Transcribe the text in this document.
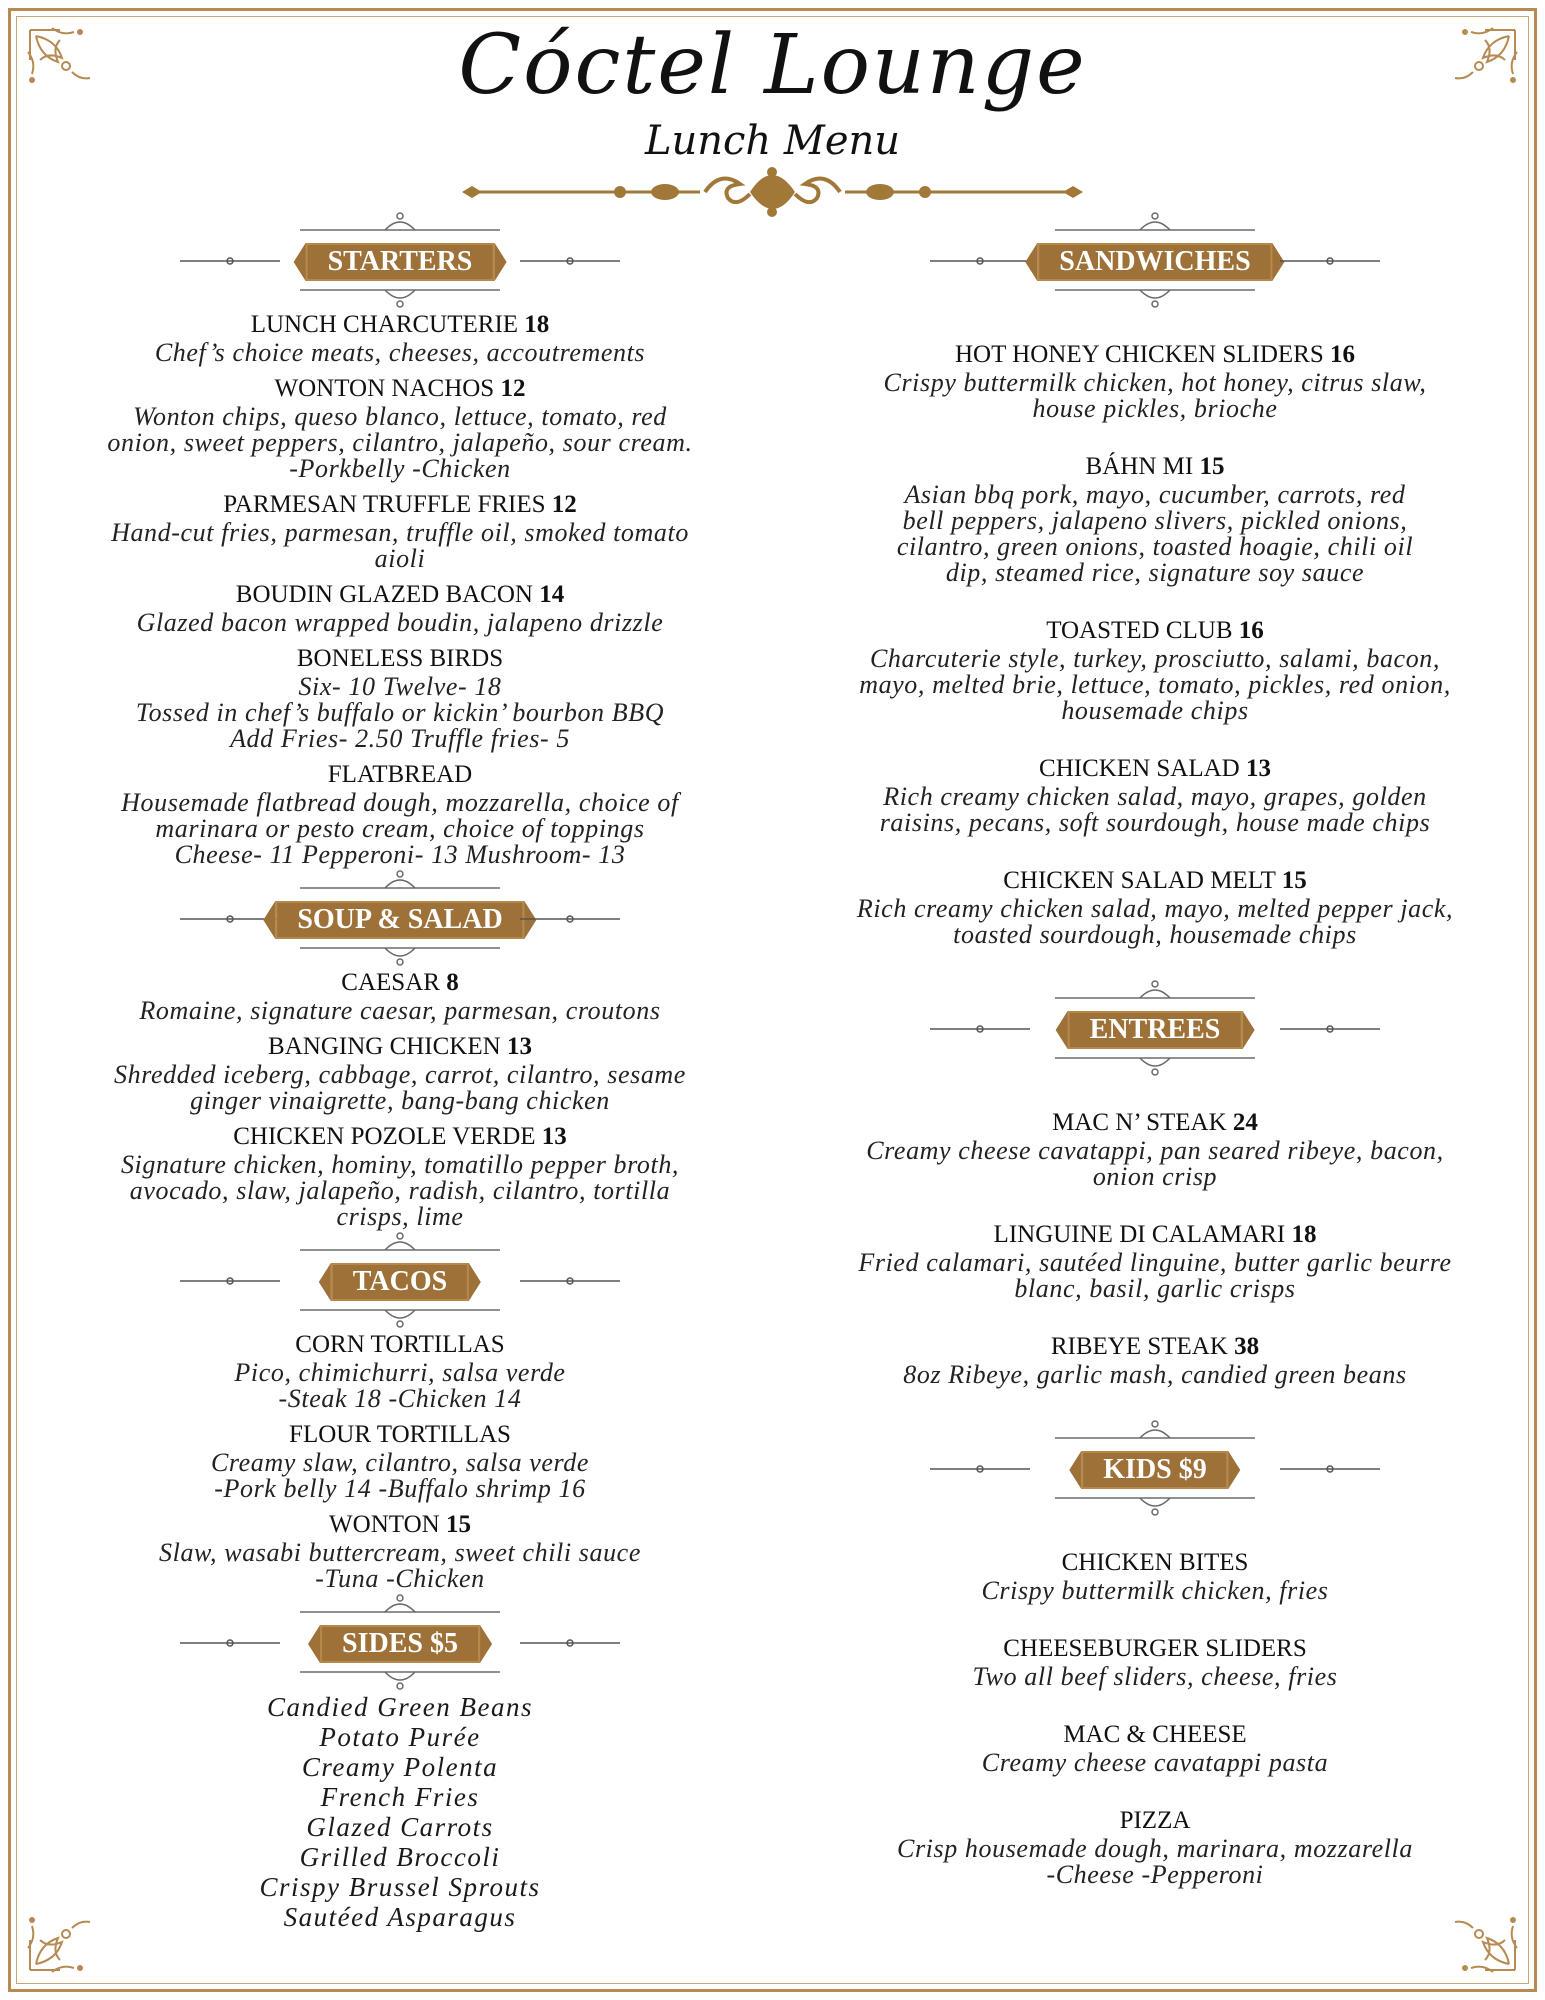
Cóctel Lounge
Lunch Menu
STARTERS
LUNCH CHARCUTERIE 18
Chef’s choice meats, cheeses, accoutrements
WONTON NACHOS 12
Wonton chips, queso blanco, lettuce, tomato, red
onion, sweet peppers, cilantro, jalapeño, sour cream.
-Porkbelly -Chicken
PARMESAN TRUFFLE FRIES 12
Hand-cut fries, parmesan, truffle oil, smoked tomato
aioli
BOUDIN GLAZED BACON 14
Glazed bacon wrapped boudin, jalapeno drizzle
BONELESS BIRDS
Six- 10 Twelve- 18
Tossed in chef’s buffalo or kickin’ bourbon BBQ
Add Fries- 2.50 Truffle fries- 5
FLATBREAD
Housemade flatbread dough, mozzarella, choice of
marinara or pesto cream, choice of toppings
Cheese- 11 Pepperoni- 13 Mushroom- 13
SOUP & SALAD
CAESAR 8
Romaine, signature caesar, parmesan, croutons
BANGING CHICKEN 13
Shredded iceberg, cabbage, carrot, cilantro, sesame
ginger vinaigrette, bang-bang chicken
CHICKEN POZOLE VERDE 13
Signature chicken, hominy, tomatillo pepper broth,
avocado, slaw, jalapeño, radish, cilantro, tortilla
crisps, lime
TACOS
CORN TORTILLAS
Pico, chimichurri, salsa verde
-Steak 18 -Chicken 14
FLOUR TORTILLAS
Creamy slaw, cilantro, salsa verde
-Pork belly 14 -Buffalo shrimp 16
WONTON 15
Slaw, wasabi buttercream, sweet chili sauce
-Tuna -Chicken
SIDES $5
Candied Green Beans
Potato Purée
Creamy Polenta
French Fries
Glazed Carrots
Grilled Broccoli
Crispy Brussel Sprouts
Sautéed Asparagus
SANDWICHES
HOT HONEY CHICKEN SLIDERS 16
Crispy buttermilk chicken, hot honey, citrus slaw,
house pickles, brioche
BÁHN MI 15
Asian bbq pork, mayo, cucumber, carrots, red
bell peppers, jalapeno slivers, pickled onions,
cilantro, green onions, toasted hoagie, chili oil
dip, steamed rice, signature soy sauce
TOASTED CLUB 16
Charcuterie style, turkey, prosciutto, salami, bacon,
mayo, melted brie, lettuce, tomato, pickles, red onion,
housemade chips
CHICKEN SALAD 13
Rich creamy chicken salad, mayo, grapes, golden
raisins, pecans, soft sourdough, house made chips
CHICKEN SALAD MELT 15
Rich creamy chicken salad, mayo, melted pepper jack,
toasted sourdough, housemade chips
ENTREES
MAC N’ STEAK 24
Creamy cheese cavatappi, pan seared ribeye, bacon,
onion crisp
LINGUINE DI CALAMARI 18
Fried calamari, sautéed linguine, butter garlic beurre
blanc, basil, garlic crisps
RIBEYE STEAK 38
8oz Ribeye, garlic mash, candied green beans
KIDS $9
CHICKEN BITES
Crispy buttermilk chicken, fries
CHEESEBURGER SLIDERS
Two all beef sliders, cheese, fries
MAC & CHEESE
Creamy cheese cavatappi pasta
PIZZA
Crisp housemade dough, marinara, mozzarella
-Cheese -Pepperoni
